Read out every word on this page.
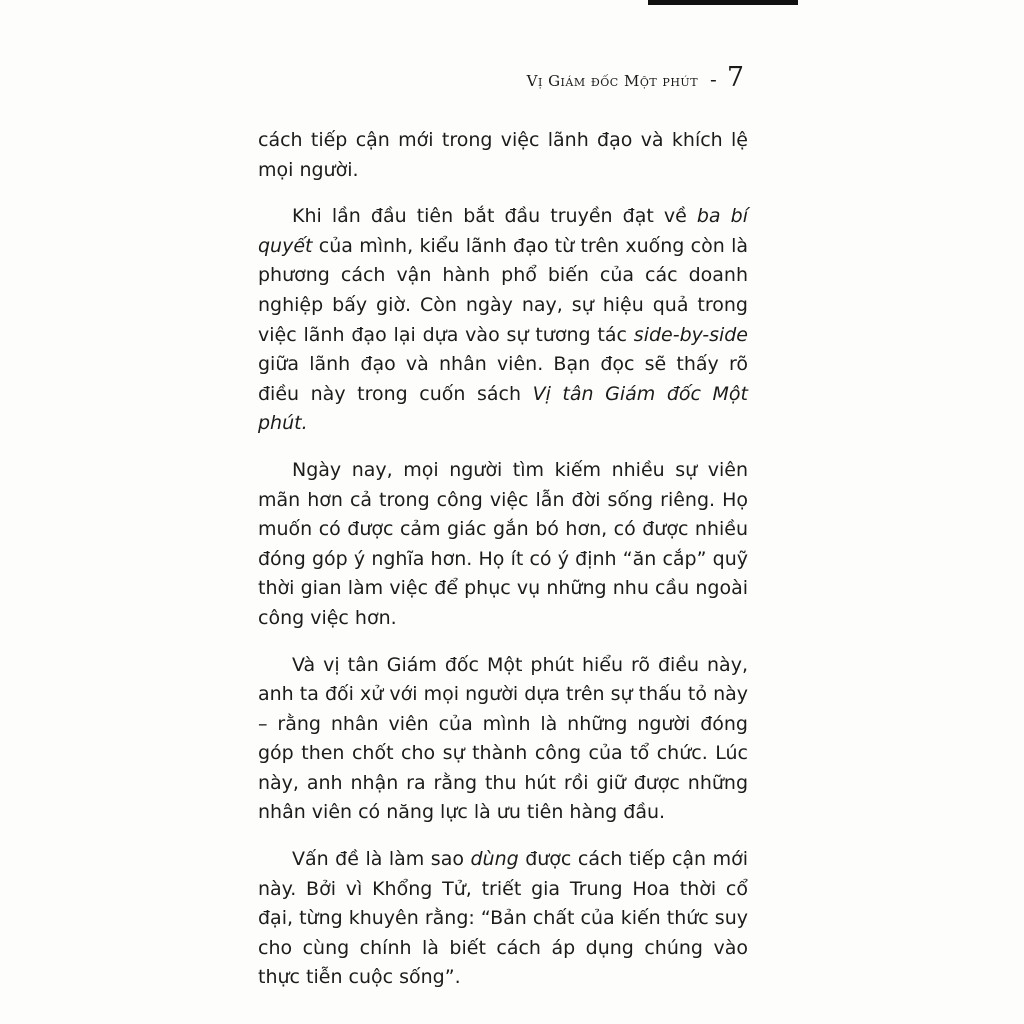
Vị Giám đốc Một phút - 7

cách tiếp cận mới trong việc lãnh đạo và khích lệ mọi người.

Khi lần đầu tiên bắt đầu truyền đạt về ba bí quyết của mình, kiểu lãnh đạo từ trên xuống còn là phương cách vận hành phổ biến của các doanh nghiệp bấy giờ. Còn ngày nay, sự hiệu quả trong việc lãnh đạo lại dựa vào sự tương tác side-by-side giữa lãnh đạo và nhân viên. Bạn đọc sẽ thấy rõ điều này trong cuốn sách Vị tân Giám đốc Một phút.

Ngày nay, mọi người tìm kiếm nhiều sự viên mãn hơn cả trong công việc lẫn đời sống riêng. Họ muốn có được cảm giác gắn bó hơn, có được nhiều đóng góp ý nghĩa hơn. Họ ít có ý định “ăn cắp” quỹ thời gian làm việc để phục vụ những nhu cầu ngoài công việc hơn.

Và vị tân Giám đốc Một phút hiểu rõ điều này, anh ta đối xử với mọi người dựa trên sự thấu tỏ này – rằng nhân viên của mình là những người đóng góp then chốt cho sự thành công của tổ chức. Lúc này, anh nhận ra rằng thu hút rồi giữ được những nhân viên có năng lực là ưu tiên hàng đầu.

Vấn đề là làm sao dùng được cách tiếp cận mới này. Bởi vì Khổng Tử, triết gia Trung Hoa thời cổ đại, từng khuyên rằng: “Bản chất của kiến thức suy cho cùng chính là biết cách áp dụng chúng vào thực tiễn cuộc sống”.
